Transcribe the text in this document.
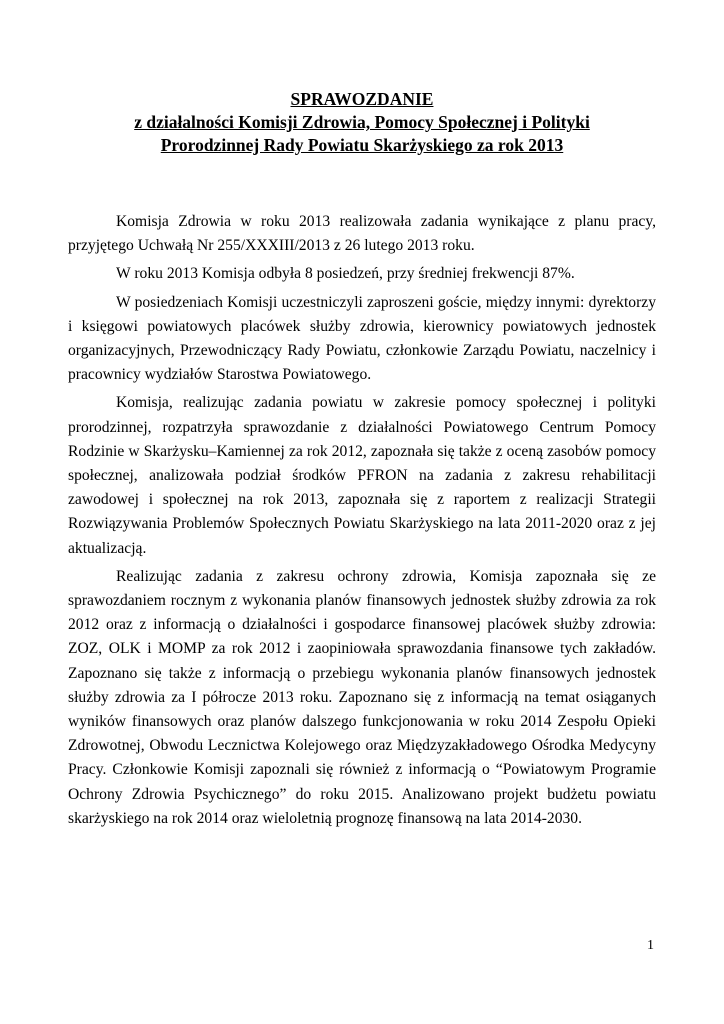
SPRAWOZDANIE
z działalności Komisji Zdrowia, Pomocy Społecznej i Polityki
Prorodzinnej Rady Powiatu Skarżyskiego za rok 2013

Komisja Zdrowia w roku 2013 realizowała zadania wynikające z planu pracy, przyjętego Uchwałą Nr 255/XXXIII/2013 z 26 lutego 2013 roku.

W roku 2013 Komisja odbyła 8 posiedzeń, przy średniej frekwencji 87%.

W posiedzeniach Komisji uczestniczyli zaproszeni goście, między innymi: dyrektorzy i księgowi powiatowych placówek służby zdrowia, kierownicy powiatowych jednostek organizacyjnych, Przewodniczący Rady Powiatu, członkowie Zarządu Powiatu, naczelnicy i pracownicy wydziałów Starostwa Powiatowego.

Komisja, realizując zadania powiatu w zakresie pomocy społecznej i polityki prorodzinnej, rozpatrzyła sprawozdanie z działalności Powiatowego Centrum Pomocy Rodzinie w Skarżysku–Kamiennej za rok 2012, zapoznała się także z oceną zasobów pomocy społecznej, analizowała podział środków PFRON na zadania z zakresu rehabilitacji zawodowej i społecznej na rok 2013, zapoznała się z raportem z realizacji Strategii Rozwiązywania Problemów Społecznych Powiatu Skarżyskiego na lata 2011-2020 oraz z jej aktualizacją.

Realizując zadania z zakresu ochrony zdrowia, Komisja zapoznała się ze sprawozdaniem rocznym z wykonania planów finansowych jednostek służby zdrowia za rok 2012 oraz z informacją o działalności i gospodarce finansowej placówek służby zdrowia: ZOZ, OLK i MOMP za rok 2012 i zaopiniowała sprawozdania finansowe tych zakładów. Zapoznano się także z informacją o przebiegu wykonania planów finansowych jednostek służby zdrowia za I półrocze 2013 roku. Zapoznano się z informacją na temat osiąganych wyników finansowych oraz planów dalszego funkcjonowania w roku 2014 Zespołu Opieki Zdrowotnej, Obwodu Lecznictwa Kolejowego oraz Międzyzakładowego Ośrodka Medycyny Pracy. Członkowie Komisji zapoznali się również z informacją o “Powiatowym Programie Ochrony Zdrowia Psychicznego” do roku 2015. Analizowano projekt budżetu powiatu skarżyskiego na rok 2014 oraz wieloletnią prognozę finansową na lata 2014-2030.

1
